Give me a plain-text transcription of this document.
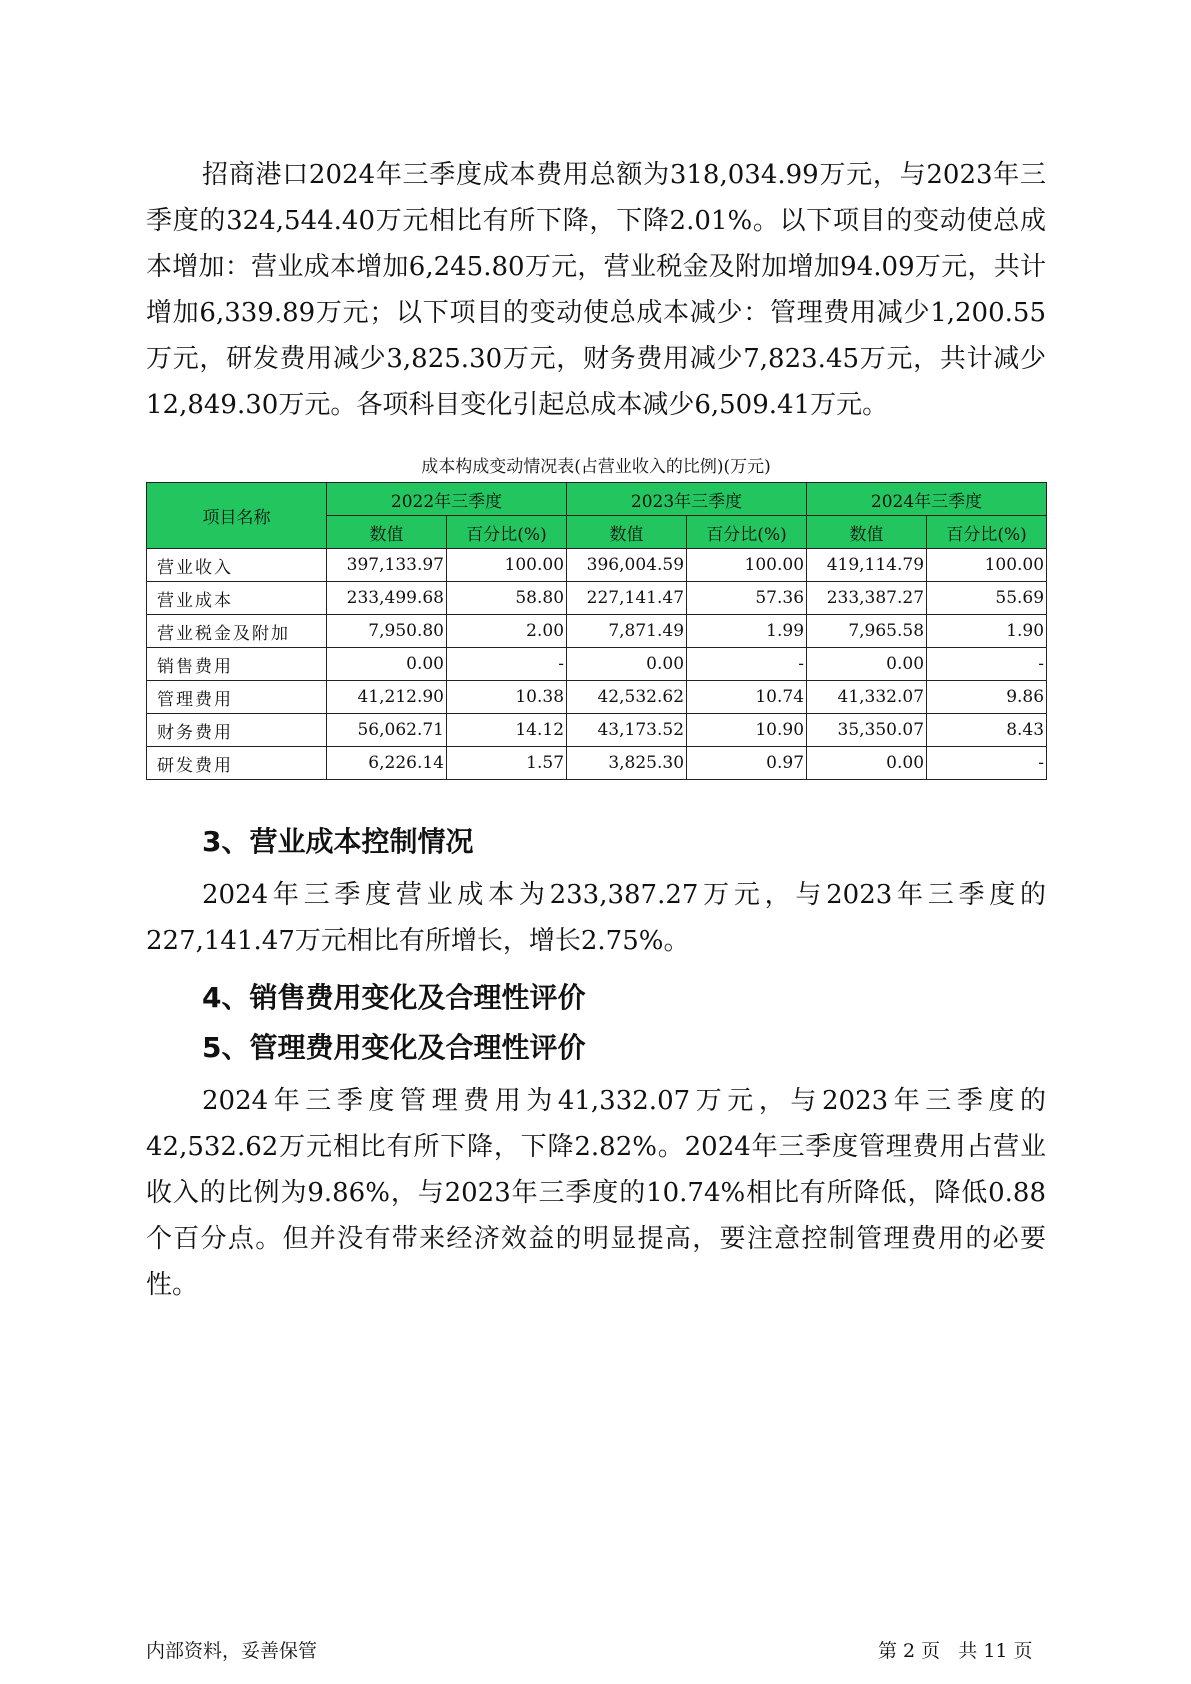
招商港口2024年三季度成本费用总额为318,034.99万元，与2023年三季度的324,544.40万元相比有所下降，下降2.01%。以下项目的变动使总成本增加：营业成本增加6,245.80万元，营业税金及附加增加94.09万元，共计增加6,339.89万元；以下项目的变动使总成本减少：管理费用减少1,200.55万元，研发费用减少3,825.30万元，财务费用减少7,823.45万元，共计减少12,849.30万元。各项科目变化引起总成本减少6,509.41万元。

成本构成变动情况表(占营业收入的比例)(万元)
项目名称	2022年三季度		2023年三季度		2024年三季度	
	数值	百分比(%)	数值	百分比(%)	数值	百分比(%)
营业收入	397,133.97	100.00	396,004.59	100.00	419,114.79	100.00
营业成本	233,499.68	58.80	227,141.47	57.36	233,387.27	55.69
营业税金及附加	7,950.80	2.00	7,871.49	1.99	7,965.58	1.90
销售费用	0.00	-	0.00	-	0.00	-
管理费用	41,212.90	10.38	42,532.62	10.74	41,332.07	9.86
财务费用	56,062.71	14.12	43,173.52	10.90	35,350.07	8.43
研发费用	6,226.14	1.57	3,825.30	0.97	0.00	-
3、营业成本控制情况

2024年三季度营业成本为233,387.27万元，与2023年三季度的227,141.47万元相比有所增长，增长2.75%。

4、销售费用变化及合理性评价
5、管理费用变化及合理性评价

2024年三季度管理费用为41,332.07万元，与2023年三季度的42,532.62万元相比有所下降，下降2.82%。2024年三季度管理费用占营业收入的比例为9.86%，与2023年三季度的10.74%相比有所降低，降低0.88个百分点。但并没有带来经济效益的明显提高，要注意控制管理费用的必要性。

内部资料，妥善保管	第 2 页   共 11 页
